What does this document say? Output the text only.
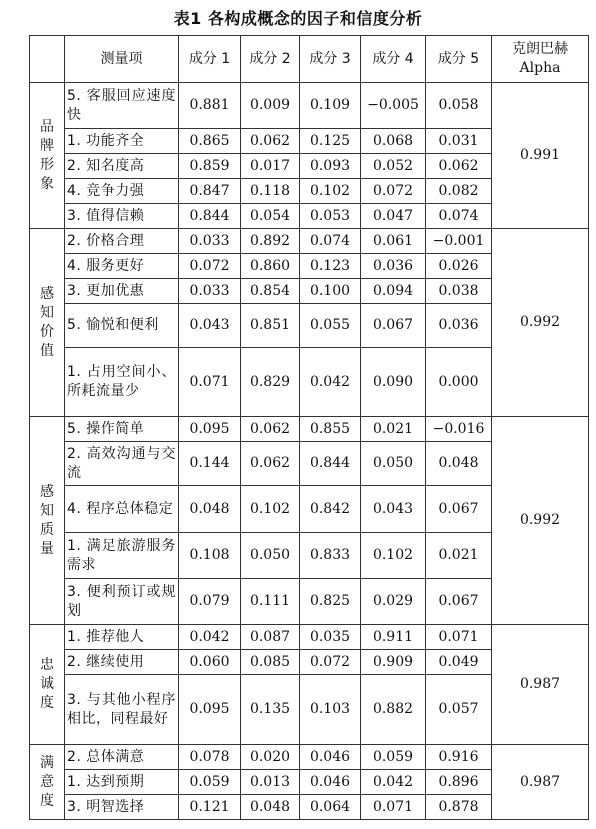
表1 各构成概念的因子和信度分析
	测量项	成分 1	成分 2	成分 3	成分 4	成分 5	克朗巴赫
Alpha

品牌形象	5. 客服回应速度快	0.881	0.009	0.109	−0.005	0.058	0.991
	1. 功能齐全	0.865	0.062	0.125	0.068	0.031	
	2. 知名度高	0.859	0.017	0.093	0.052	0.062	
	4. 竞争力强	0.847	0.118	0.102	0.072	0.082	
	3. 值得信赖	0.844	0.054	0.053	0.047	0.074	
感知价值	2. 价格合理	0.033	0.892	0.074	0.061	−0.001	0.992
	4. 服务更好	0.072	0.860	0.123	0.036	0.026	
	3. 更加优惠	0.033	0.854	0.100	0.094	0.038	
	5. 愉悦和便利	0.043	0.851	0.055	0.067	0.036	
	1. 占用空间小、所耗流量少	0.071	0.829	0.042	0.090	0.000	
感知质量	5. 操作简单	0.095	0.062	0.855	0.021	−0.016	0.992
	2. 高效沟通与交流	0.144	0.062	0.844	0.050	0.048	
	4. 程序总体稳定	0.048	0.102	0.842	0.043	0.067	
	1. 满足旅游服务需求	0.108	0.050	0.833	0.102	0.021	
	3. 便利预订或规划	0.079	0.111	0.825	0.029	0.067	
忠诚度	1. 推荐他人	0.042	0.087	0.035	0.911	0.071	0.987
	2. 继续使用	0.060	0.085	0.072	0.909	0.049	
	3. 与其他小程序相比，同程最好	0.095	0.135	0.103	0.882	0.057	
满意度	2. 总体满意	0.078	0.020	0.046	0.059	0.916	0.987
	1. 达到预期	0.059	0.013	0.046	0.042	0.896	
	3. 明智选择	0.121	0.048	0.064	0.071	0.878	
